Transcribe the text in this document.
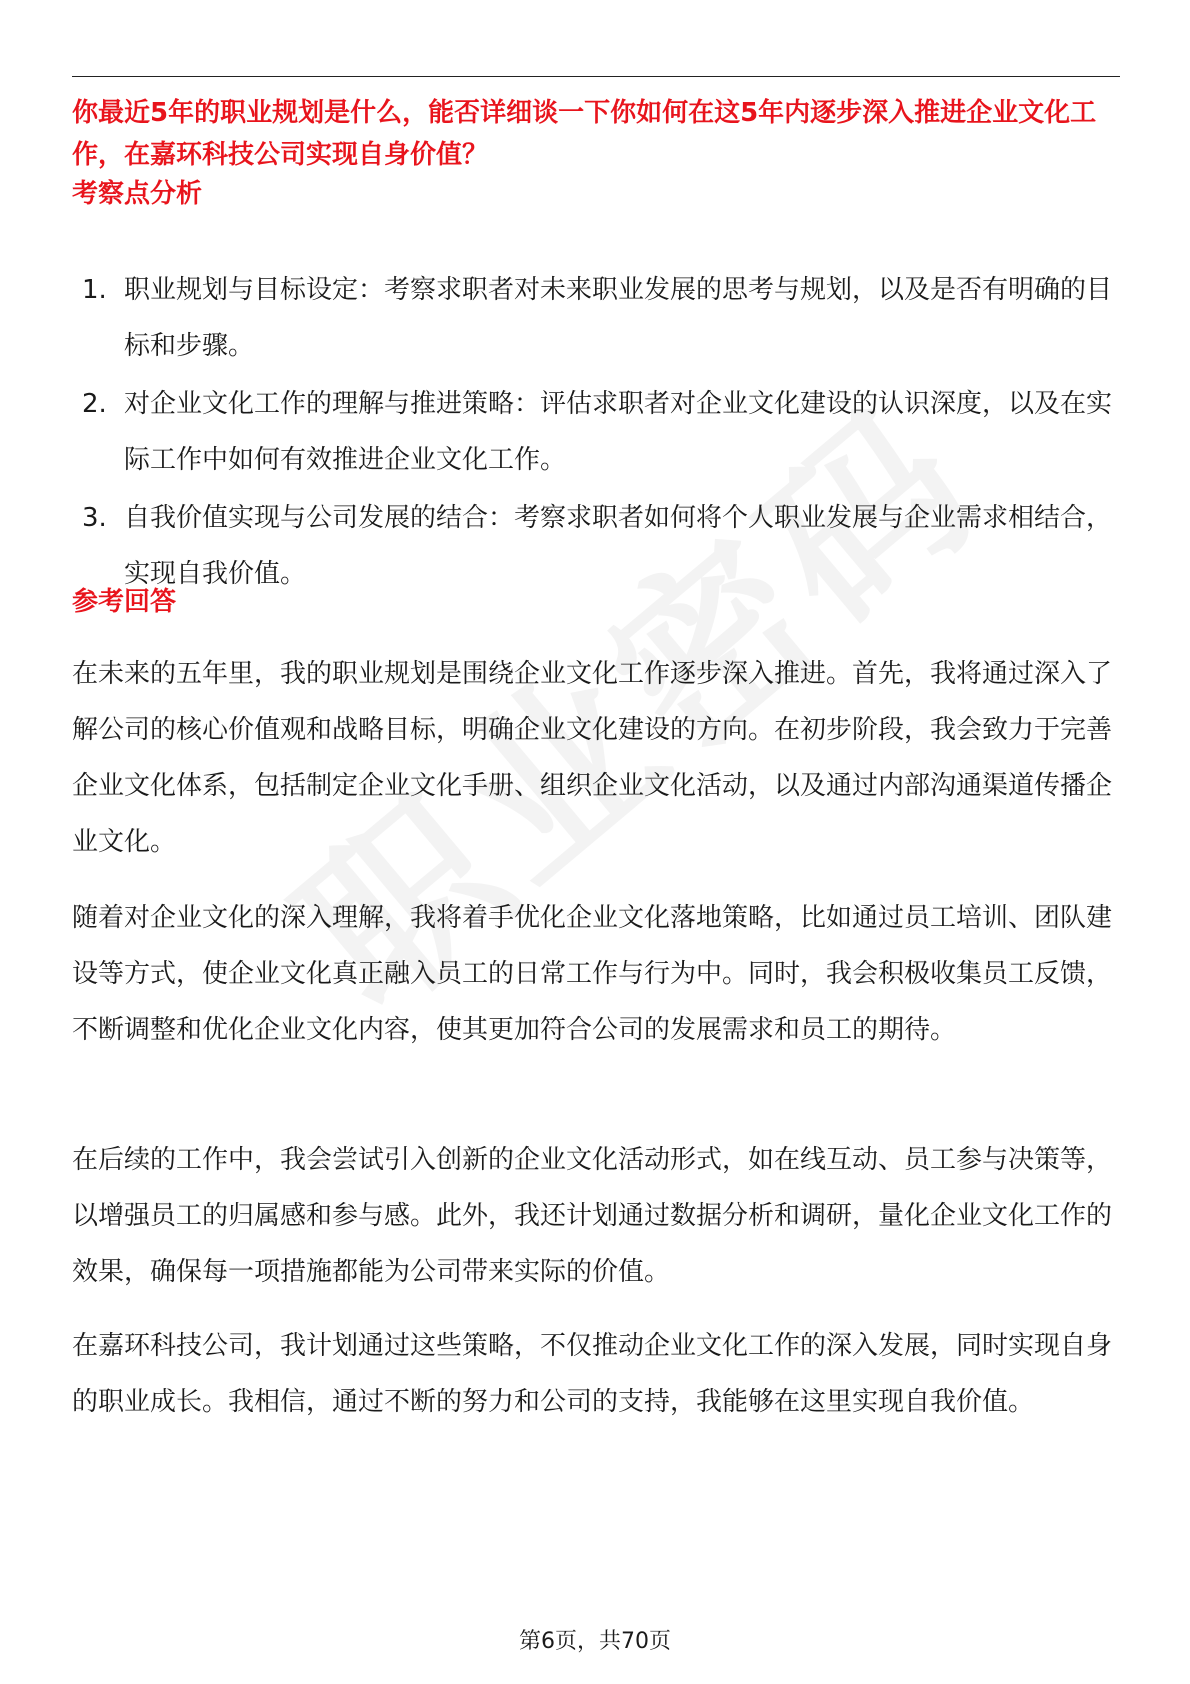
你最近5年的职业规划是什么，能否详细谈一下你如何在这5年内逐步深入推进企业文化工作，在嘉环科技公司实现自身价值？

考察点分析
1. 职业规划与目标设定：考察求职者对未来职业发展的思考与规划，以及是否有明确的目标和步骤。
2. 对企业文化工作的理解与推进策略：评估求职者对企业文化建设的认识深度，以及在实际工作中如何有效推进企业文化工作。
3. 自我价值实现与公司发展的结合：考察求职者如何将个人职业发展与企业需求相结合，实现自我价值。
参考回答

在未来的五年里，我的职业规划是围绕企业文化工作逐步深入推进。首先，我将通过深入了解公司的核心价值观和战略目标，明确企业文化建设的方向。在初步阶段，我会致力于完善企业文化体系，包括制定企业文化手册、组织企业文化活动，以及通过内部沟通渠道传播企业文化。

随着对企业文化的深入理解，我将着手优化企业文化落地策略，比如通过员工培训、团队建设等方式，使企业文化真正融入员工的日常工作与行为中。同时，我会积极收集员工反馈，不断调整和优化企业文化内容，使其更加符合公司的发展需求和员工的期待。

在后续的工作中，我会尝试引入创新的企业文化活动形式，如在线互动、员工参与决策等，以增强员工的归属感和参与感。此外，我还计划通过数据分析和调研，量化企业文化工作的效果，确保每一项措施都能为公司带来实际的价值。

在嘉环科技公司，我计划通过这些策略，不仅推动企业文化工作的深入发展，同时实现自身的职业成长。我相信，通过不断的努力和公司的支持，我能够在这里实现自我价值。

第6页，共70页
